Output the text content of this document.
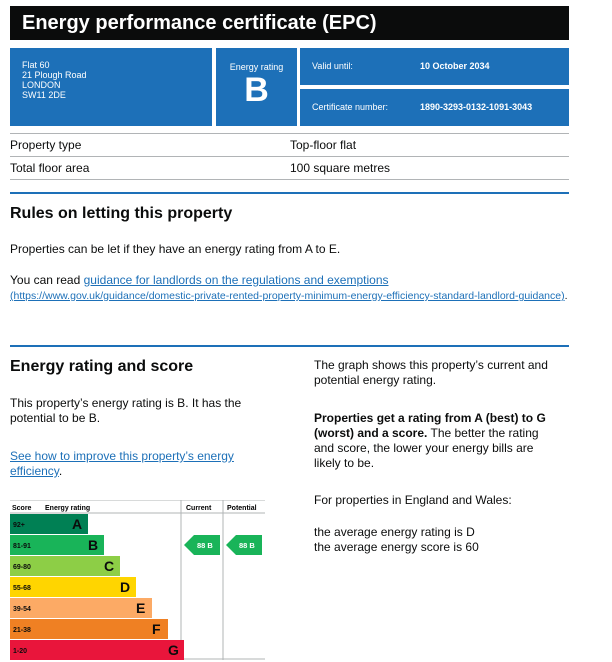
Energy performance certificate (EPC)
Flat 60
21 Plough Road
LONDON
SW11 2DE
Energy rating
B
Valid until:	10 October 2034
Certificate number:	1890-3293-0132-1091-3043
Property type	Top-floor flat
Total floor area	100 square metres
Rules on letting this property
Properties can be let if they have an energy rating from A to E.
You can read guidance for landlords on the regulations and exemptions
(https://www.gov.uk/guidance/domestic-private-rented-property-minimum-energy-efficiency-standard-landlord-guidance).
Energy rating and score
This property’s energy rating is B. It has the
potential to be B.
See how to improve this property’s energy
efficiency.
The graph shows this property’s current and
potential energy rating.
Properties get a rating from A (best) to G
(worst) and a score. The better the rating
and score, the lower your energy bills are
likely to be.
For properties in England and Wales:
the average energy rating is D
the average energy score is 60
Score Energy rating	Current Potential
92+	A
81-91	B
69-80	C
55-68	D
39-54	E
21-38	F
1-20	G
88 B	88 B
